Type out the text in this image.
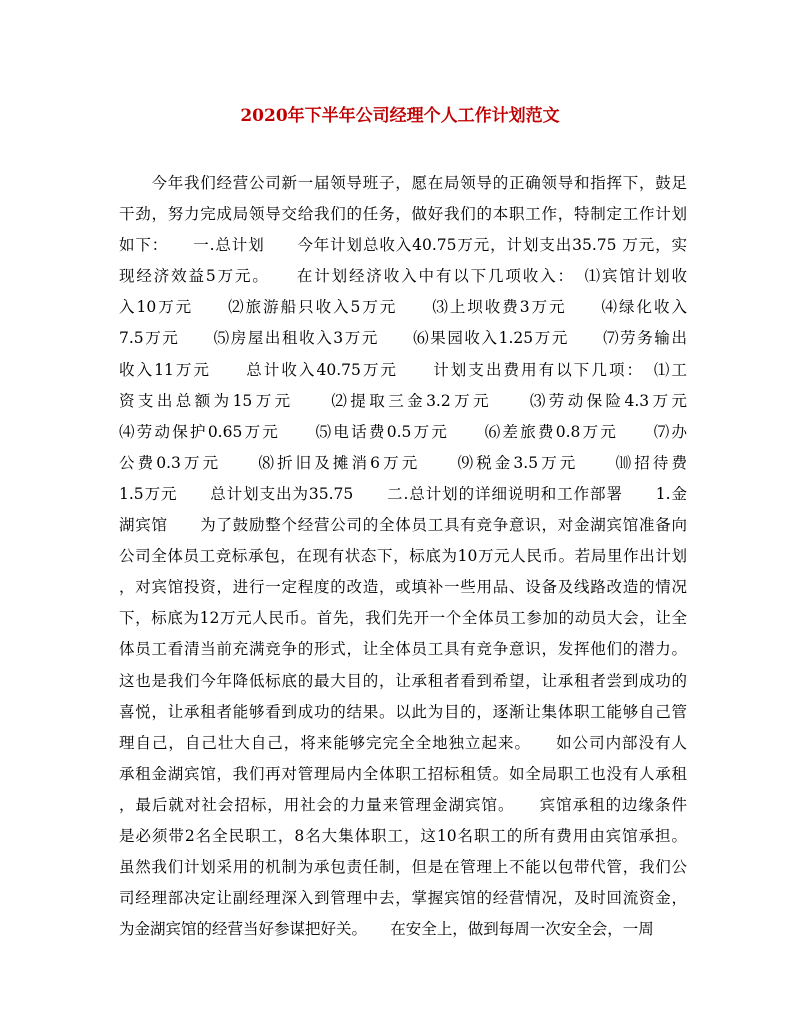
2020年下半年公司经理个人工作计划范文

　　今年我们经营公司新一届领导班子，愿在局领导的正确领导和指挥下，鼓足

干劲，努力完成局领导交给我们的任务，做好我们的本职工作，特制定工作计划

如下：　　一.总计划　　今年计划总收入40.75万元，计划支出35.75 万元，实

现经济效益5万元。　　在计划经济收入中有以下几项收入：　⑴宾馆计划收

入10万元　　⑵旅游船只收入5万元　　⑶上坝收费3万元　　⑷绿化收入

7.5万元　　⑸房屋出租收入3万元　　⑹果园收入1.25万元　　⑺劳务输出

收入11万元　　总计收入40.75万元　　计划支出费用有以下几项：　⑴工

资支出总额为15万元　　⑵提取三金3.2万元　　⑶劳动保险4.3万元

⑷劳动保护0.65万元　　⑸电话费0.5万元　　⑹差旅费0.8万元　　⑺办

公费0.3万元　　⑻折旧及摊消6万元　　⑼税金3.5万元　　⑽招待费

1.5万元　　总计划支出为35.75　　二.总计划的详细说明和工作部署　　1.金

湖宾馆　　为了鼓励整个经营公司的全体员工具有竞争意识，对金湖宾馆准备向

公司全体员工竞标承包，在现有状态下，标底为10万元人民币。若局里作出计划

，对宾馆投资，进行一定程度的改造，或填补一些用品、设备及线路改造的情况

下，标底为12万元人民币。首先，我们先开一个全体员工参加的动员大会，让全

体员工看清当前充满竞争的形式，让全体员工具有竞争意识，发挥他们的潜力。

这也是我们今年降低标底的最大目的，让承租者看到希望，让承租者尝到成功的

喜悦，让承租者能够看到成功的结果。以此为目的，逐渐让集体职工能够自己管

理自己，自己壮大自己，将来能够完完全全地独立起来。　　如公司内部没有人

承租金湖宾馆，我们再对管理局内全体职工招标租赁。如全局职工也没有人承租

，最后就对社会招标，用社会的力量来管理金湖宾馆。　　宾馆承租的边缘条件

是必须带2名全民职工，8名大集体职工，这10名职工的所有费用由宾馆承担。

虽然我们计划采用的机制为承包责任制，但是在管理上不能以包带代管，我们公

司经理部决定让副经理深入到管理中去，掌握宾馆的经营情况，及时回流资金，

为金湖宾馆的经营当好参谋把好关。　　在安全上，做到每周一次安全会，一周
